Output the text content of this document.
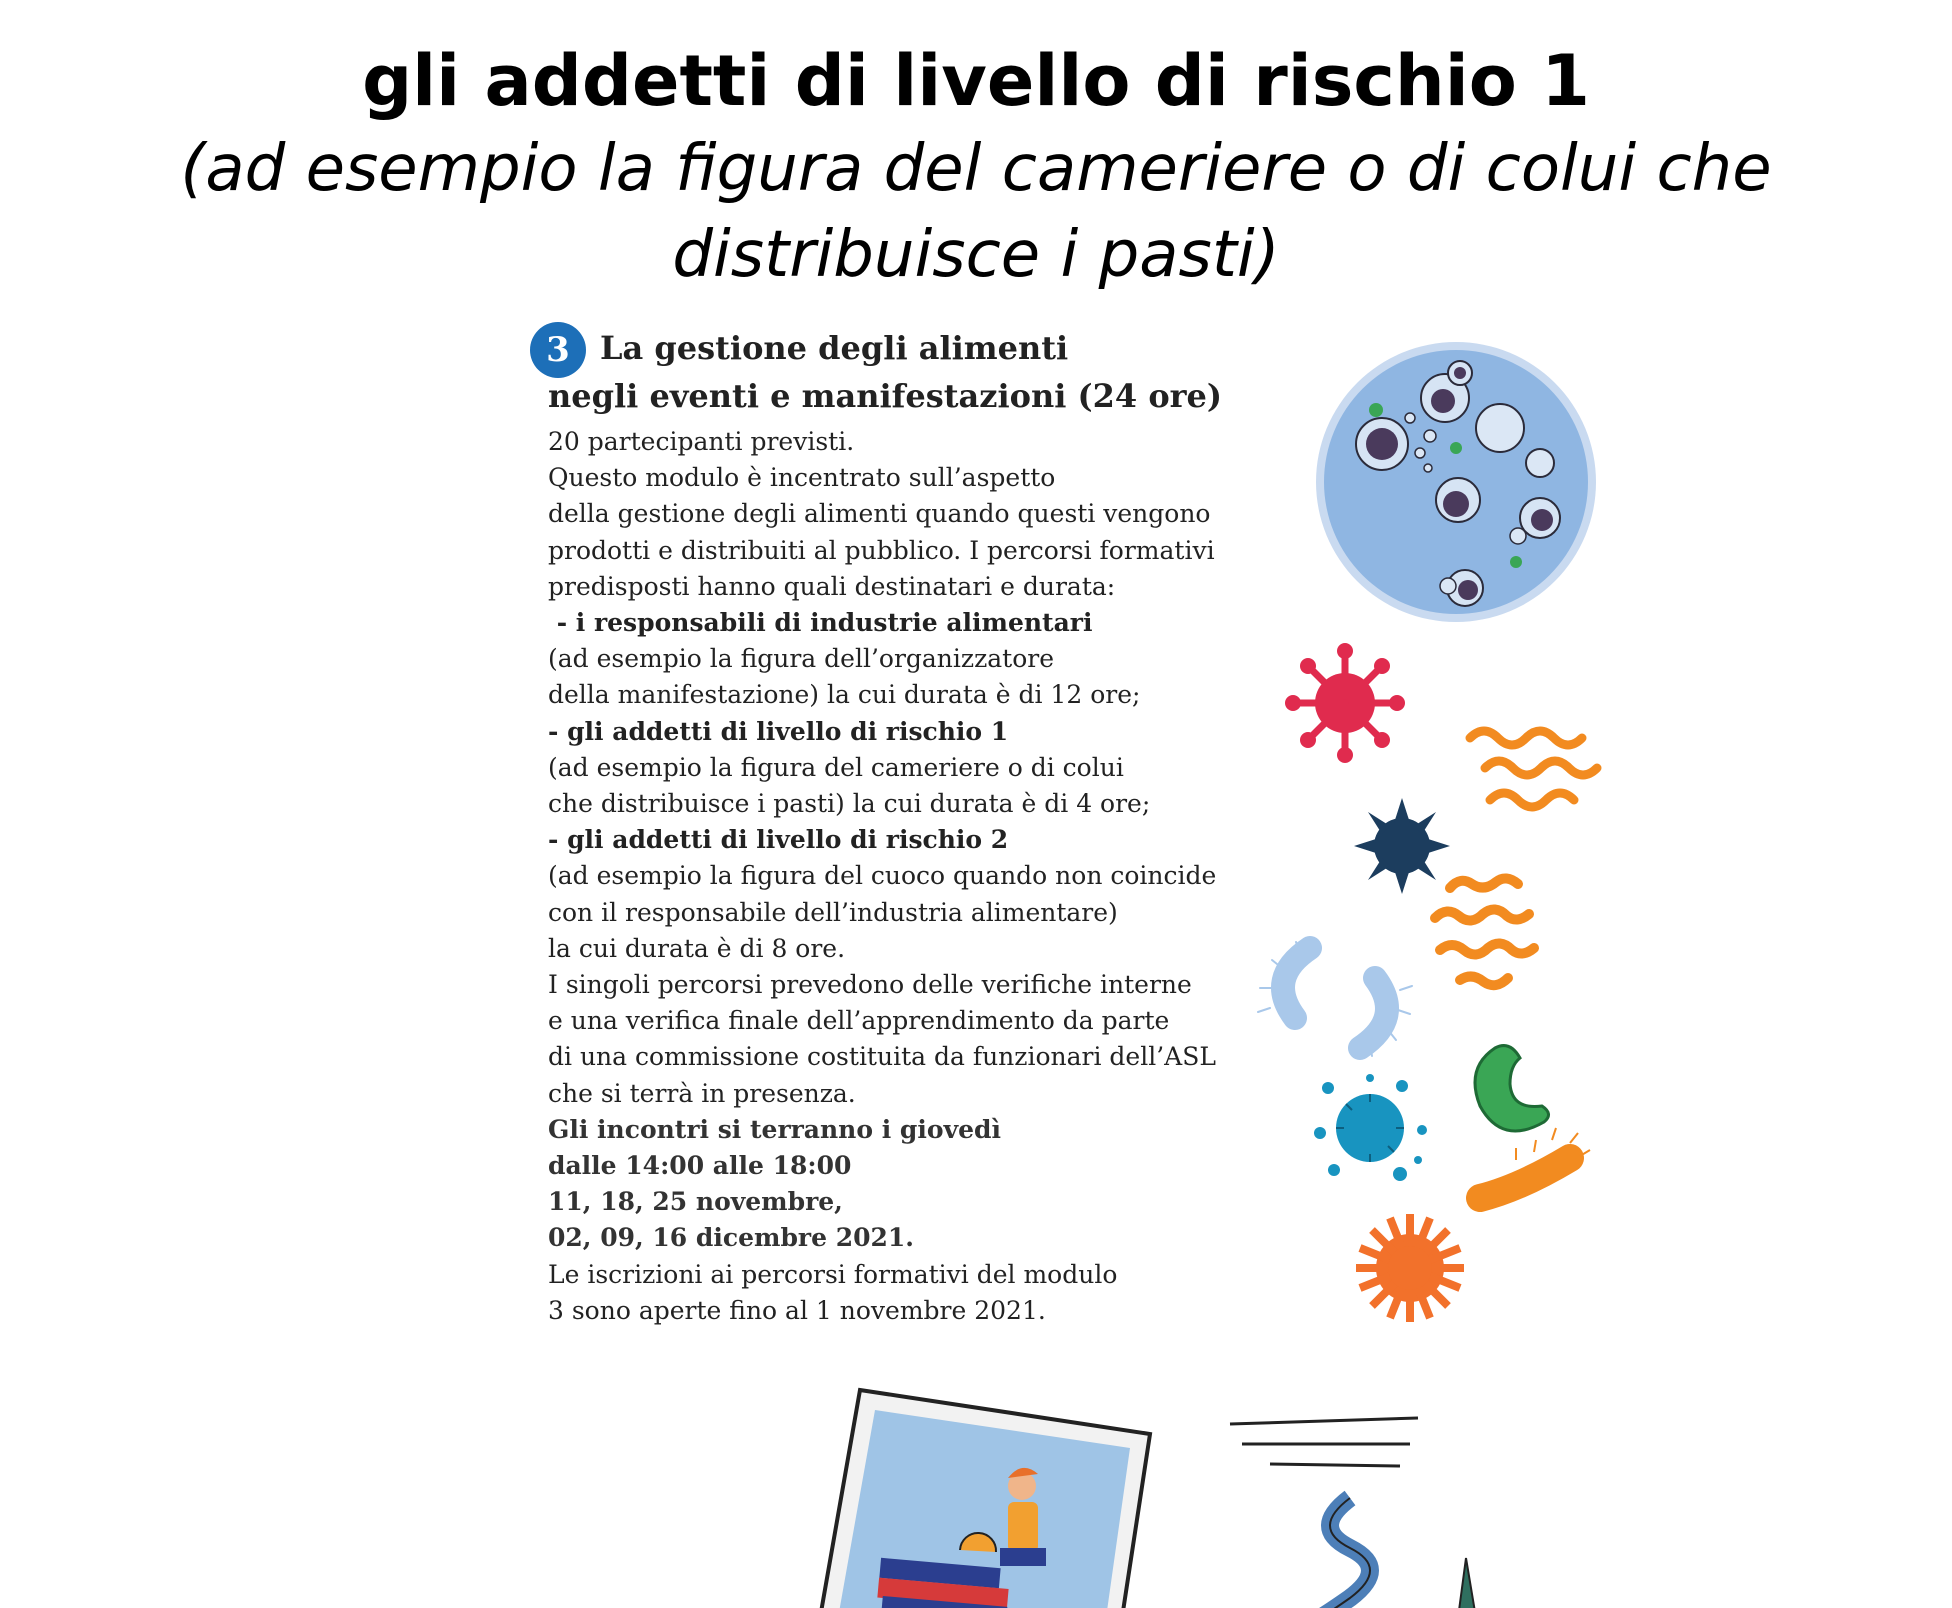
gli addetti di livello di rischio 1

(ad esempio la figura del cameriere o di colui che

distribuisce i pasti)

3 La gestione degli alimenti
negli eventi e manifestazioni (24 ore)
20 partecipanti previsti.
Questo modulo è incentrato sull’aspetto
della gestione degli alimenti quando questi vengono
prodotti e distribuiti al pubblico. I percorsi formativi
predisposti hanno quali destinatari e durata:
- i responsabili di industrie alimentari
(ad esempio la figura dell’organizzatore
della manifestazione) la cui durata è di 12 ore;
- gli addetti di livello di rischio 1
(ad esempio la figura del cameriere o di colui
che distribuisce i pasti) la cui durata è di 4 ore;
- gli addetti di livello di rischio 2
(ad esempio la figura del cuoco quando non coincide
con il responsabile dell’industria alimentare)
la cui durata è di 8 ore.
I singoli percorsi prevedono delle verifiche interne
e una verifica finale dell’apprendimento da parte
di una commissione costituita da funzionari dell’ASL
che si terrà in presenza.
Gli incontri si terranno i giovedì
dalle 14:00 alle 18:00
11, 18, 25 novembre,
02, 09, 16 dicembre 2021.
Le iscrizioni ai percorsi formativi del modulo
3 sono aperte fino al 1 novembre 2021.
